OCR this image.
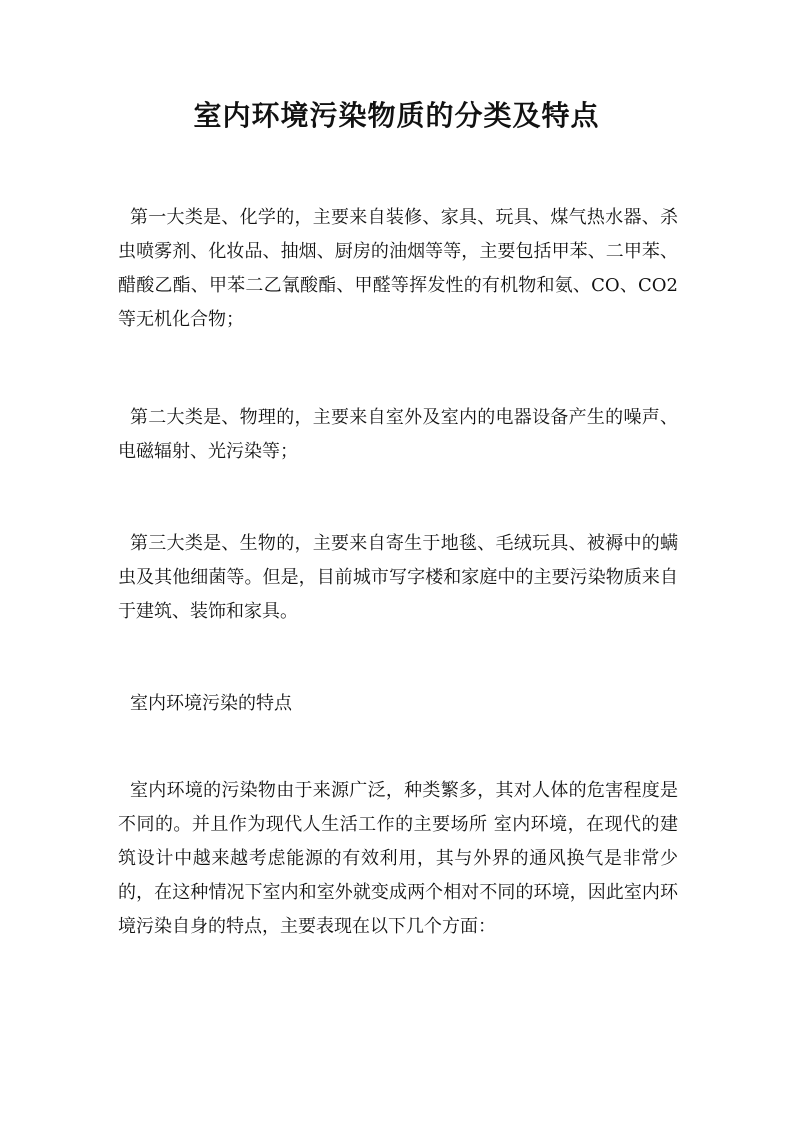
室内环境污染物质的分类及特点

第一大类是、化学的，主要来自装修、家具、玩具、煤气热水器、杀虫喷雾剂、化妆品、抽烟、厨房的油烟等等，主要包括甲苯、二甲苯、醋酸乙酯、甲苯二乙氰酸酯、甲醛等挥发性的有机物和氨、CO、CO2等无机化合物；

第二大类是、物理的，主要来自室外及室内的电器设备产生的噪声、电磁辐射、光污染等；

第三大类是、生物的，主要来自寄生于地毯、毛绒玩具、被褥中的螨虫及其他细菌等。但是，目前城市写字楼和家庭中的主要污染物质来自于建筑、装饰和家具。

室内环境污染的特点

室内环境的污染物由于来源广泛，种类繁多，其对人体的危害程度是不同的。并且作为现代人生活工作的主要场所 室内环境，在现代的建筑设计中越来越考虑能源的有效利用，其与外界的通风换气是非常少的，在这种情况下室内和室外就变成两个相对不同的环境，因此室内环境污染自身的特点，主要表现在以下几个方面：
